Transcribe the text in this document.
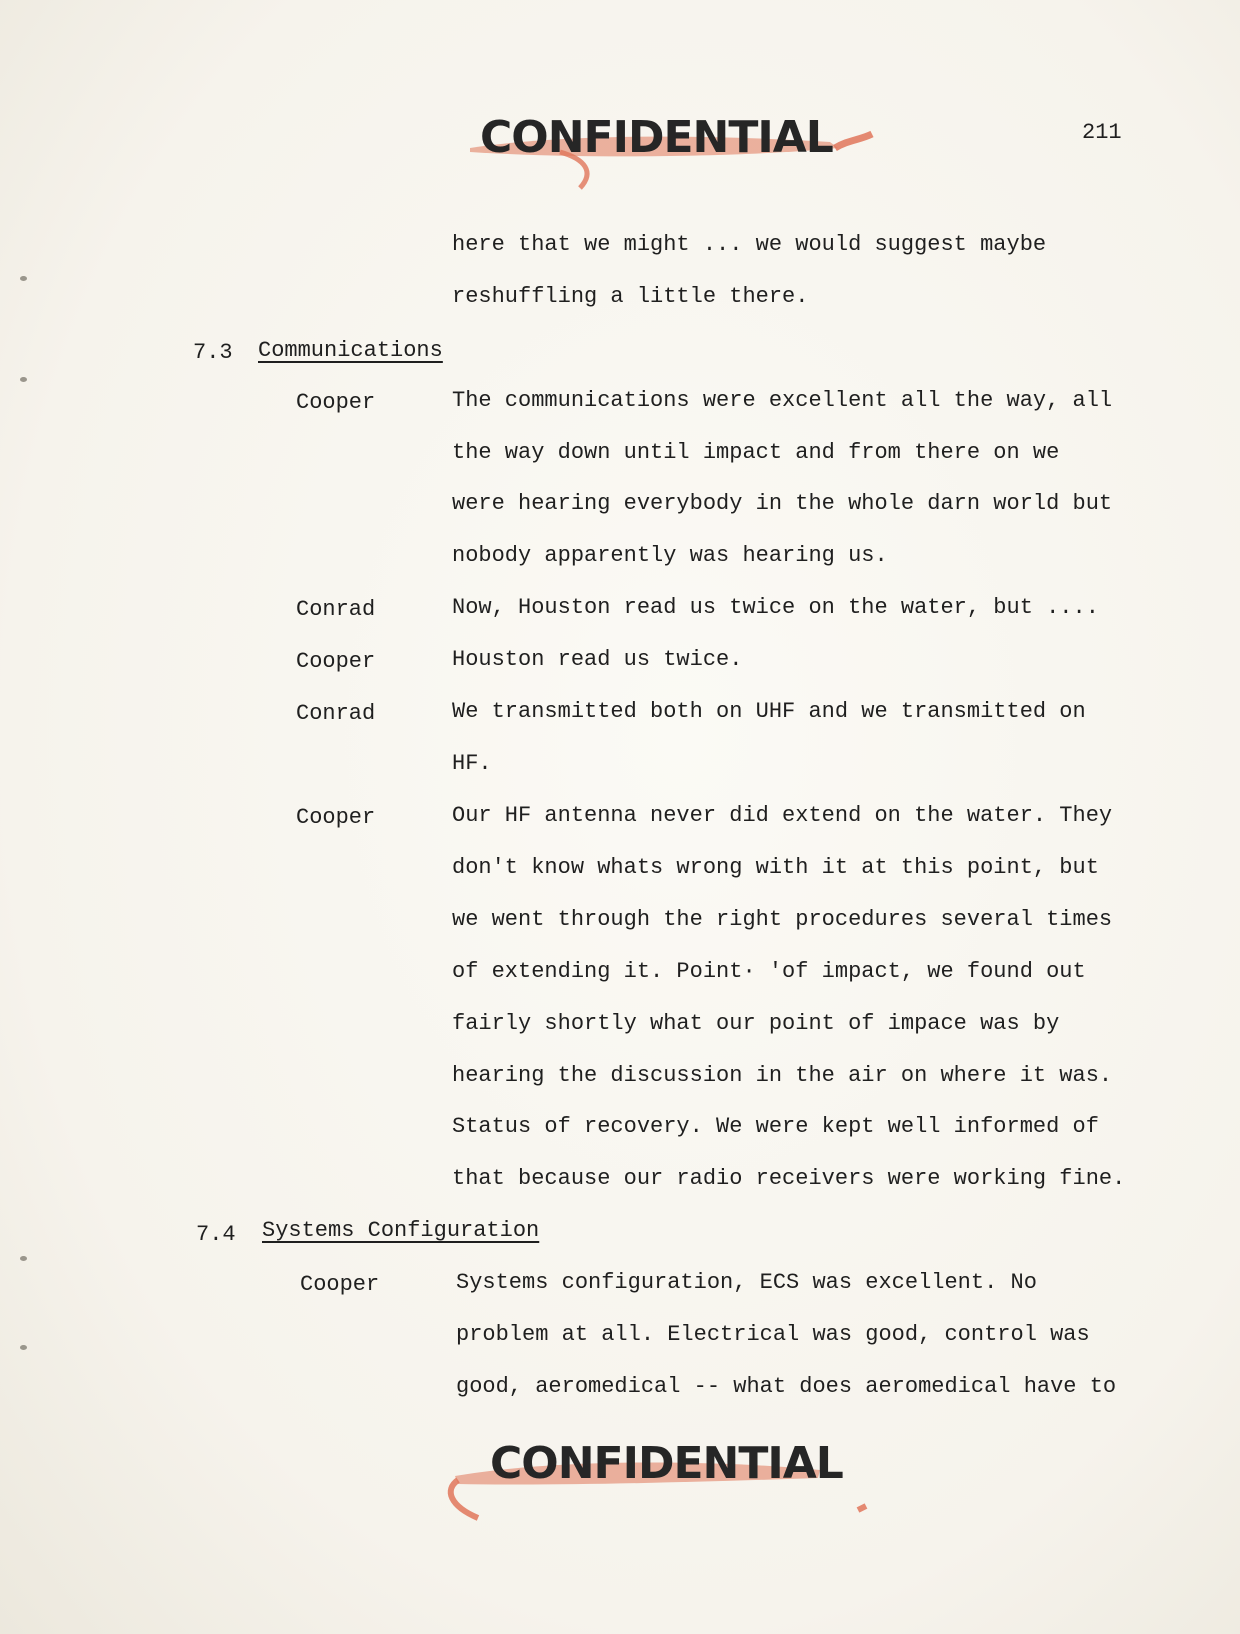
CONFIDENTIAL	211
here that we might ... we would suggest maybe
reshuffling a little there.
7.3 Communications
Cooper	The communications were excellent all the way, all
the way down until impact and from there on we
were hearing everybody in the whole darn world but
nobody apparently was hearing us.
Conrad	Now, Houston read us twice on the water, but ....
Cooper	Houston read us twice.
Conrad	We transmitted both on UHF and we transmitted on
HF.
Cooper	Our HF antenna never did extend on the water. They
don't know whats wrong with it at this point, but
we went through the right procedures several times
of extending it. Point· 'of impact, we found out
fairly shortly what our point of impace was by
hearing the discussion in the air on where it was.
Status of recovery. We were kept well informed of
that because our radio receivers were working fine.
7.4 Systems Configuration
Cooper	Systems configuration, ECS was excellent. No
problem at all. Electrical was good, control was
good, aeromedical -- what does aeromedical have to
CONFIDENTIAL
